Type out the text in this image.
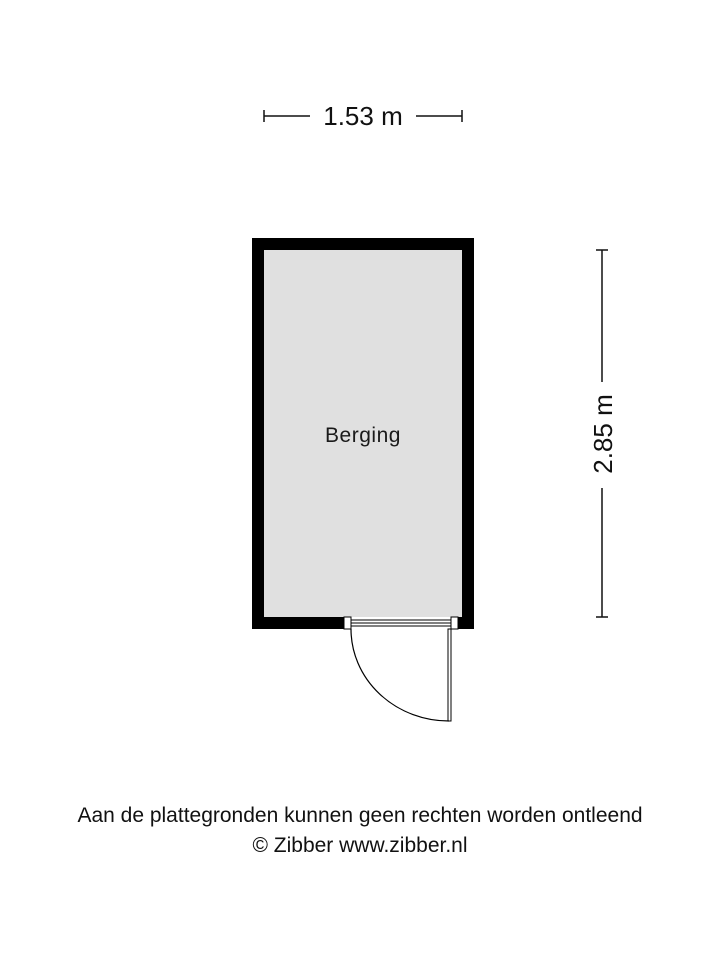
1.53 m
2.85 m
Berging
Aan de plattegronden kunnen geen rechten worden ontleend
© Zibber www.zibber.nl
